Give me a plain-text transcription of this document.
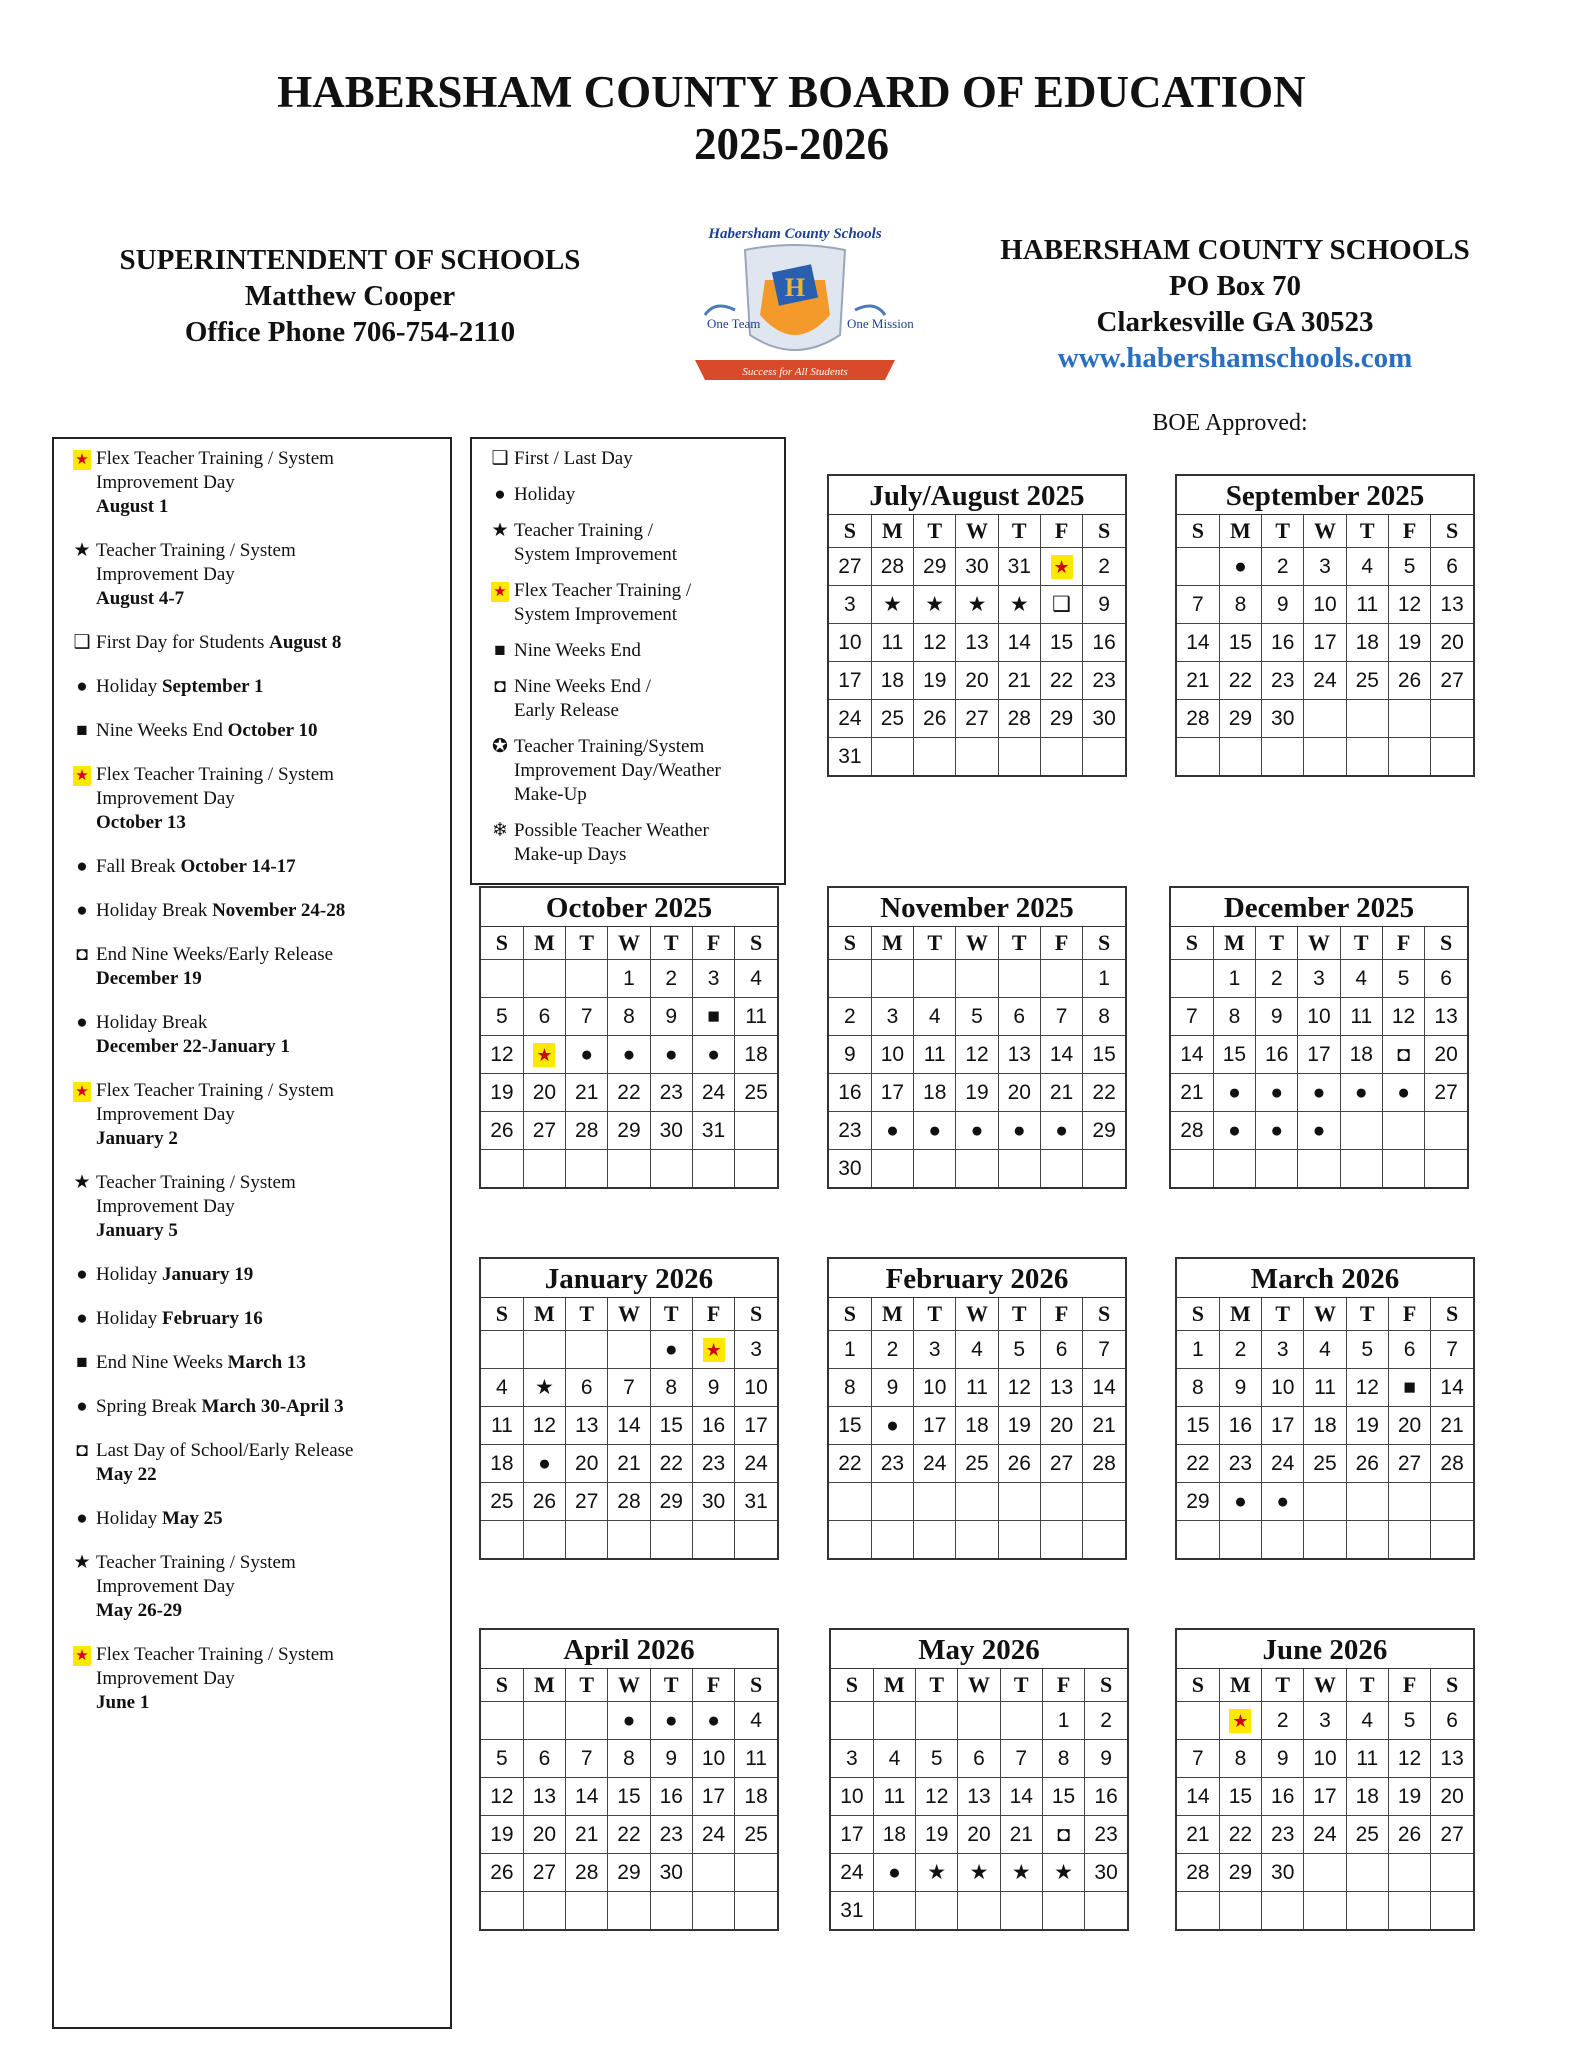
HABERSHAM COUNTY BOARD OF EDUCATION
2025-2026
SUPERINTENDENT OF SCHOOLS
Matthew Cooper
Office Phone 706-754-2110
Habersham County Schools
H
One Team	One Mission
Success for All Students
HABERSHAM COUNTY SCHOOLS
PO Box 70
Clarkesville GA 30523
www.habershamschools.com
BOE Approved:
★ Flex Teacher Training / System
Improvement Day
August 1
★ Teacher Training / System
Improvement Day
August 4-7
❑ First Day for Students August 8
● Holiday September 1
■ Nine Weeks End October 10
★ Flex Teacher Training / System
Improvement Day
October 13
● Fall Break October 14-17
● Holiday Break November 24-28
◘ End Nine Weeks/Early Release
December 19
● Holiday Break
December 22-January 1
★ Flex Teacher Training / System
Improvement Day
January 2
★ Teacher Training / System
Improvement Day
January 5
● Holiday January 19
● Holiday February 16
■ End Nine Weeks March 13
● Spring Break March 30-April 3
◘ Last Day of School/Early Release
May 22
● Holiday May 25
★ Teacher Training / System
Improvement Day
May 26-29
★ Flex Teacher Training / System
Improvement Day
June 1
❑ First / Last Day
● Holiday
★ Teacher Training /
System Improvement
★ Flex Teacher Training /
System Improvement
■ Nine Weeks End
◘ Nine Weeks End /
Early Release
✪ Teacher Training/System
Improvement Day/Weather
Make-Up
❄ Possible Teacher Weather
Make-up Days
July/August 2025
S	M	T	W	T	F	S
27	28	29	30	31	★	2
3	★	★	★	★	❑	9
10	11	12	13	14	15	16
17	18	19	20	21	22	23
24	25	26	27	28	29	30
31						
September 2025
S	M	T	W	T	F	S
	●	2	3	4	5	6
7	8	9	10	11	12	13
14	15	16	17	18	19	20
21	22	23	24	25	26	27
28	29	30				

October 2025
S	M	T	W	T	F	S
			1	2	3	4
5	6	7	8	9	■	11
12	★	●	●	●	●	18
19	20	21	22	23	24	25
26	27	28	29	30	31	

November 2025
S	M	T	W	T	F	S
						1
2	3	4	5	6	7	8
9	10	11	12	13	14	15
16	17	18	19	20	21	22
23	●	●	●	●	●	29
30						
December 2025
S	M	T	W	T	F	S
	1	2	3	4	5	6
7	8	9	10	11	12	13
14	15	16	17	18	◘	20
21	●	●	●	●	●	27
28	●	●	●			

January 2026
S	M	T	W	T	F	S
				●	★	3
4	★	6	7	8	9	10
11	12	13	14	15	16	17
18	●	20	21	22	23	24
25	26	27	28	29	30	31

February 2026
S	M	T	W	T	F	S
1	2	3	4	5	6	7
8	9	10	11	12	13	14
15	●	17	18	19	20	21
22	23	24	25	26	27	28

March 2026
S	M	T	W	T	F	S
1	2	3	4	5	6	7
8	9	10	11	12	■	14
15	16	17	18	19	20	21
22	23	24	25	26	27	28
29	●	●				

April 2026
S	M	T	W	T	F	S
			●	●	●	4
5	6	7	8	9	10	11
12	13	14	15	16	17	18
19	20	21	22	23	24	25
26	27	28	29	30		

May 2026
S	M	T	W	T	F	S
					1	2
3	4	5	6	7	8	9
10	11	12	13	14	15	16
17	18	19	20	21	◘	23
24	●	★	★	★	★	30
31						
June 2026
S	M	T	W	T	F	S
	★	2	3	4	5	6
7	8	9	10	11	12	13
14	15	16	17	18	19	20
21	22	23	24	25	26	27
28	29	30				
